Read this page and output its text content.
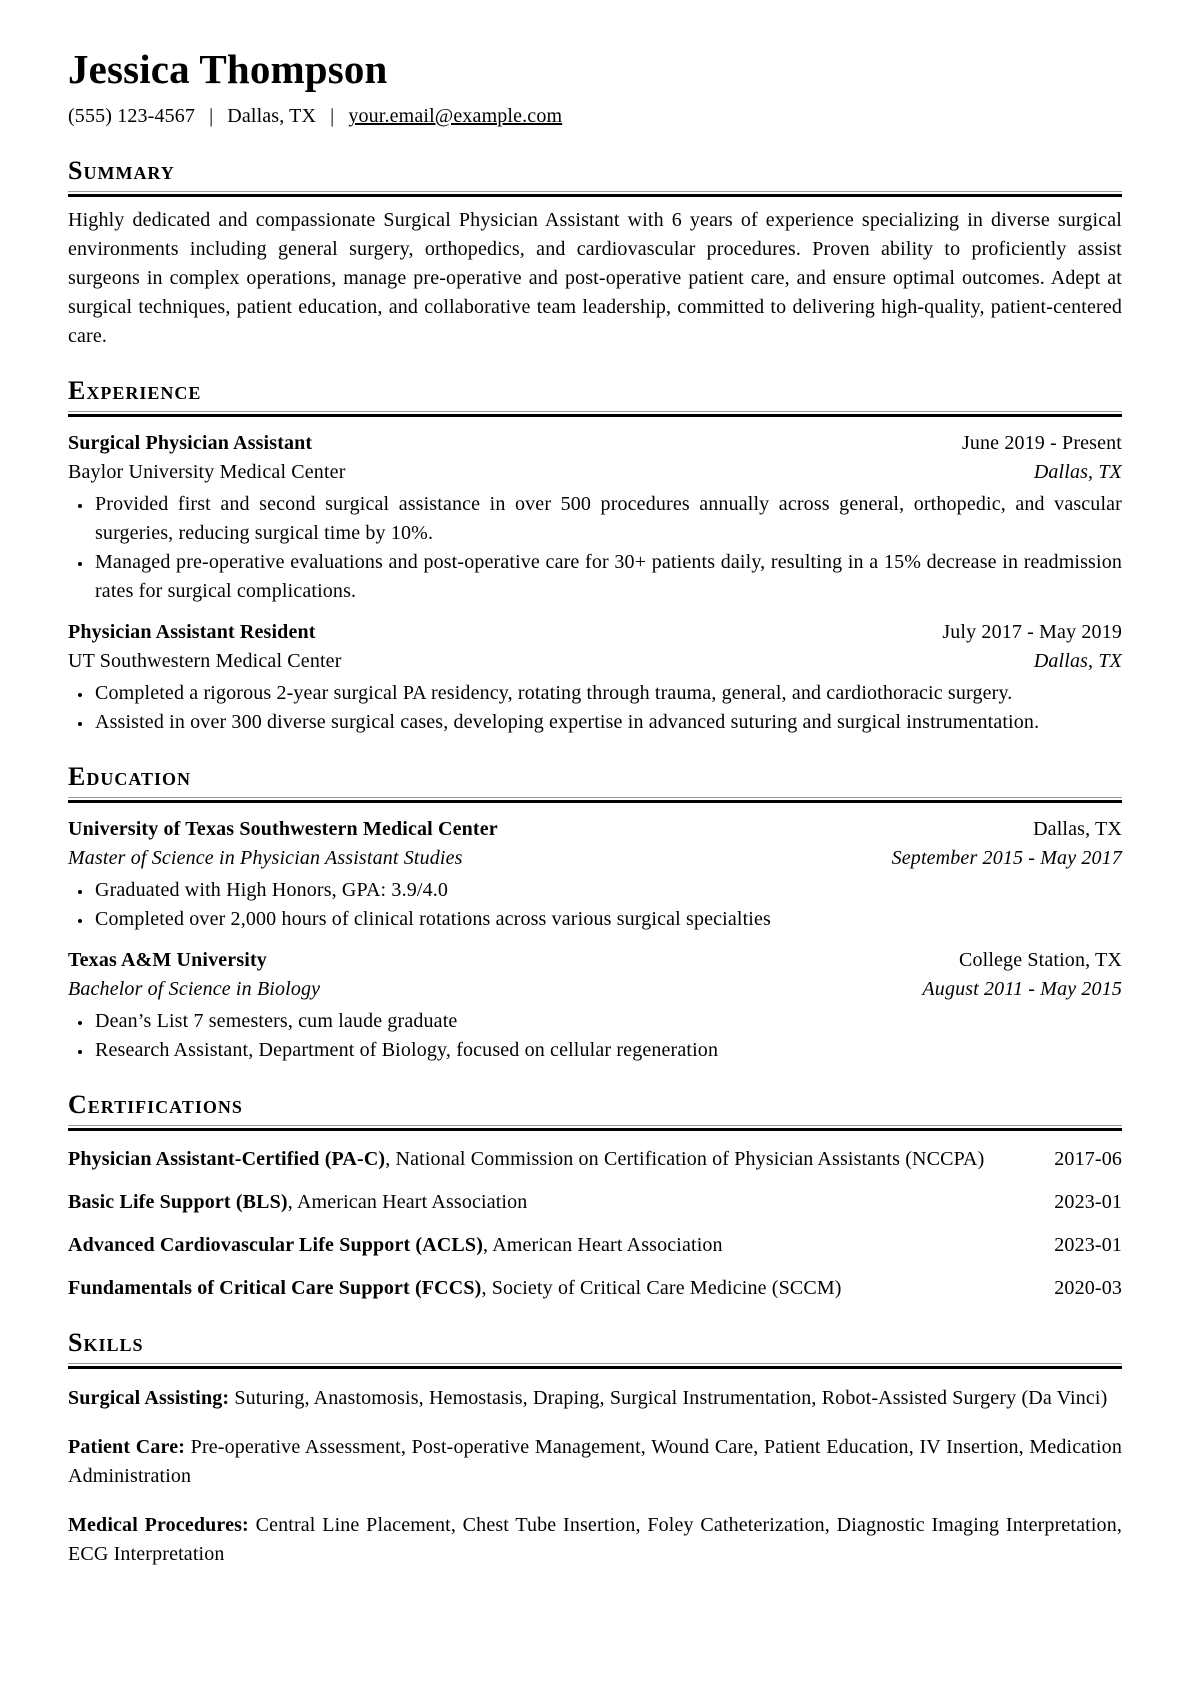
Jessica Thompson
(555) 123-4567 | Dallas, TX | your.email@example.com
Summary

Highly dedicated and compassionate Surgical Physician Assistant with 6 years of experience specializing in diverse surgical environments including general surgery, orthopedics, and cardiovascular procedures. Proven ability to proficiently assist surgeons in complex operations, manage pre-operative and post-operative patient care, and ensure optimal outcomes. Adept at surgical techniques, patient education, and collaborative team leadership, committed to delivering high-quality, patient-centered care.

Experience
Surgical Physician Assistant	June 2019 - Present
Baylor University Medical Center	Dallas, TX
• Provided first and second surgical assistance in over 500 procedures annually across general, orthopedic, and vascular surgeries, reducing surgical time by 10%.
• Managed pre-operative evaluations and post-operative care for 30+ patients daily, resulting in a 15% decrease in readmission rates for surgical complications.
Physician Assistant Resident	July 2017 - May 2019
UT Southwestern Medical Center	Dallas, TX
• Completed a rigorous 2-year surgical PA residency, rotating through trauma, general, and cardiothoracic surgery.
• Assisted in over 300 diverse surgical cases, developing expertise in advanced suturing and surgical instrumentation.
Education
University of Texas Southwestern Medical Center	Dallas, TX
Master of Science in Physician Assistant Studies	September 2015 - May 2017
• Graduated with High Honors, GPA: 3.9/4.0
• Completed over 2,000 hours of clinical rotations across various surgical specialties
Texas A&M University	College Station, TX
Bachelor of Science in Biology	August 2011 - May 2015
• Dean’s List 7 semesters, cum laude graduate
• Research Assistant, Department of Biology, focused on cellular regeneration
Certifications
Physician Assistant-Certified (PA-C), National Commission on Certification of Physician Assistants (NCCPA)	2017-06
Basic Life Support (BLS), American Heart Association	2023-01
Advanced Cardiovascular Life Support (ACLS), American Heart Association	2023-01
Fundamentals of Critical Care Support (FCCS), Society of Critical Care Medicine (SCCM)	2020-03
Skills

Surgical Assisting: Suturing, Anastomosis, Hemostasis, Draping, Surgical Instrumentation, Robot-Assisted Surgery (Da Vinci)

Patient Care: Pre-operative Assessment, Post-operative Management, Wound Care, Patient Education, IV Insertion, Medication Administration

Medical Procedures: Central Line Placement, Chest Tube Insertion, Foley Catheterization, Diagnostic Imaging Interpretation, ECG Interpretation
